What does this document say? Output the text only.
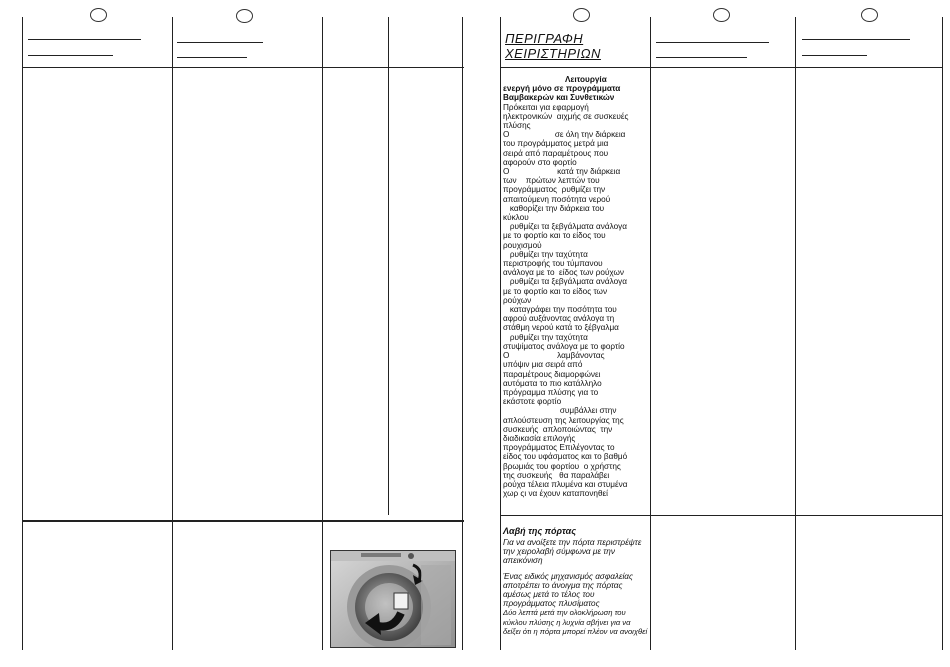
ΠΕΡΙΓΡΑΦΗ
ΧΕΙΡΙΣΤΗΡΙΩΝ

Λειτουργία

ενεργή μόνο σε προγράμματα

Βαμβακερών και Συνθετικών

Πρόκειται για εφαρμογή
ηλεκτρονικών  αιχμής σε συσκευές
πλύσης
Ο                    σε όλη την διάρκεια
του προγράμματος μετρά μια
σειρά από παραμέτρους που
αφορούν στο φορτίο
Ο                     κατά την διάρκεια
των    πρώτων λεπτών του
προγράμματος  ρυθμίζει την
απαιτούμενη ποσότητα νερού
καθορίζει την διάρκεια του
κύκλου
ρυθμίζει τα ξεβγάλματα ανάλογα
με το φορτίο και το είδος του
ρουχισμού
ρυθμίζει την ταχύτητα
περιστροφής του τύμπανου
ανάλογα με το  είδος των ρούχων
ρυθμίζει τα ξεβγάλματα ανάλογα
με το φορτίο και το είδος των
ρούχων
καταγράφει την ποσότητα του
αφρού αυξάνοντας ανάλογα τη
στάθμη νερού κατά το ξέβγαλμα
ρυθμίζει την ταχύτητα
στυψίματος ανάλογα με το φορτίο
Ο                     λαμβάνοντας
υπόψιν μια σειρά από
παραμέτρους διαμορφώνει
αυτόματα το πιο κατάλληλο
πρόγραμμα πλύσης για το
εκάστοτε φορτίο
συμβάλλει στην
απλούστευση της λειτουργίας της
συσκευής  απλοποιώντας  την
διαδικασία επιλογής
προγράμματος Επιλέγοντας το
είδος του υφάσματος και το βαθμό
βρωμιάς του φορτίου  ο χρήστης
της συσκευής   θα παραλάβει
ρούχα τέλεια πλυμένα και στυμένα
χωρ ςι να έχουν καταπονηθεί
Λαβή της πόρτας

Για να ανοίξετε την πόρτα περιστρέψτε την χειρολαβή σύμφωνα με την απεικόνιση

Ένας ειδικός μηχανισμός ασφαλείας αποτρέπει το άνοιγμα της πόρτας αμέσως μετά το τέλος του προγράμματος πλυσίματος

Δύο λεπτά μετά την ολοκλήρωση του κύκλου πλύσης η λυχνία σβήνει για να δείξει ότι η πόρτα μπορεί πλέον να ανοιχθεί
